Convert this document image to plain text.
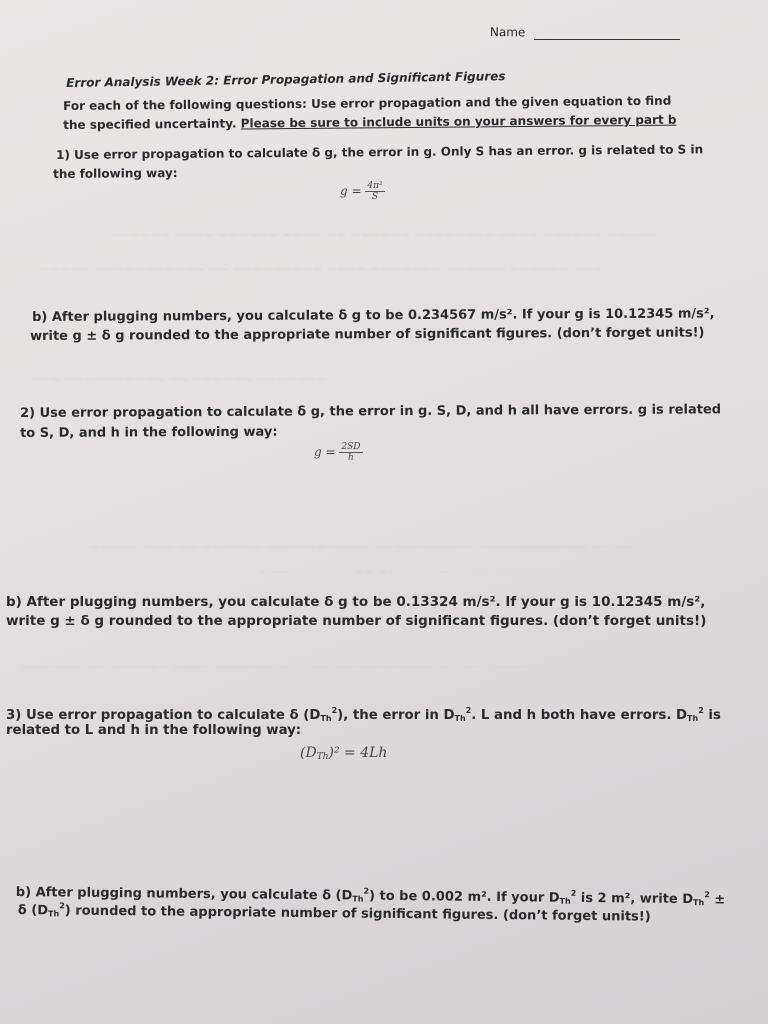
~~~~~~ ~~~~ ~~~~~~ ~~~~ ~~ ~~~~~~ ~~~~~~~~ ~~~~ ~~~~~~ ~~~~~
~~~~~ ~~~~~~~~~~~ ~~ ~~~~~~~~~ ~~~~ ~~~~~~~ ~~~~~~ ~~~~~~ ~~~
~~~ ~~~~~~~~~~ ~~ ~~~~~~ ~~~~~~~
~~~~~ ~~~ ~~ ~~~~~~ ~~~~~~~~~~ ~~ ~~~~~~~~ ~~~~~~~~~~~ ~~~~~
~~~~~~~~~ ~~ ~~~~~~~~~~~ ~~~~~~~~~~~~~~~ ~~~~~~~
~~~~~~ ~~ ~~~~~~ ~~~~ ~~~~~~ ~~~~~ ~~~~~~~~~~ ~~ ~~~~~~~~~~
Name
Error Analysis Week 2: Error Propagation and Significant Figures
For each of the following questions: Use error propagation and the given equation to find the specified uncertainty. Please be sure to include units on your answers for every part b
1) Use error propagation to calculate δ g, the error in g. Only S has an error. g is related to S in
the following way:
$g = \frac{\text{4π²}}{S}$
b) After plugging numbers, you calculate δ g to be 0.234567 m/s². If your g is 10.12345 m/s²,
write g ± δ g rounded to the appropriate number of significant figures. (don’t forget units!)
2) Use error propagation to calculate δ g, the error in g. S, D, and h all have errors. g is related
to S, D, and h in the following way:
$g = \frac{2SD}{h}$
b) After plugging numbers, you calculate δ g to be 0.13324 m/s². If your g is 10.12345 m/s²,
write g ± δ g rounded to the appropriate number of significant figures. (don’t forget units!)
3) Use error propagation to calculate δ $(D_{Th}^2)$, the error in $D_{Th}^2$. L and h both have errors. $D_{Th}^2$ is
related to L and h in the following way:
$(D_{Th})^2 = 4Lh$
b) After plugging numbers, you calculate δ $(D_{Th}^2)$ to be 0.002 m². If your $D_{Th}^2$ is 2 m², write $D_{Th}^2$ ±
δ $(D_{Th}^2)$ rounded to the appropriate number of significant figures. (don’t forget units!)
